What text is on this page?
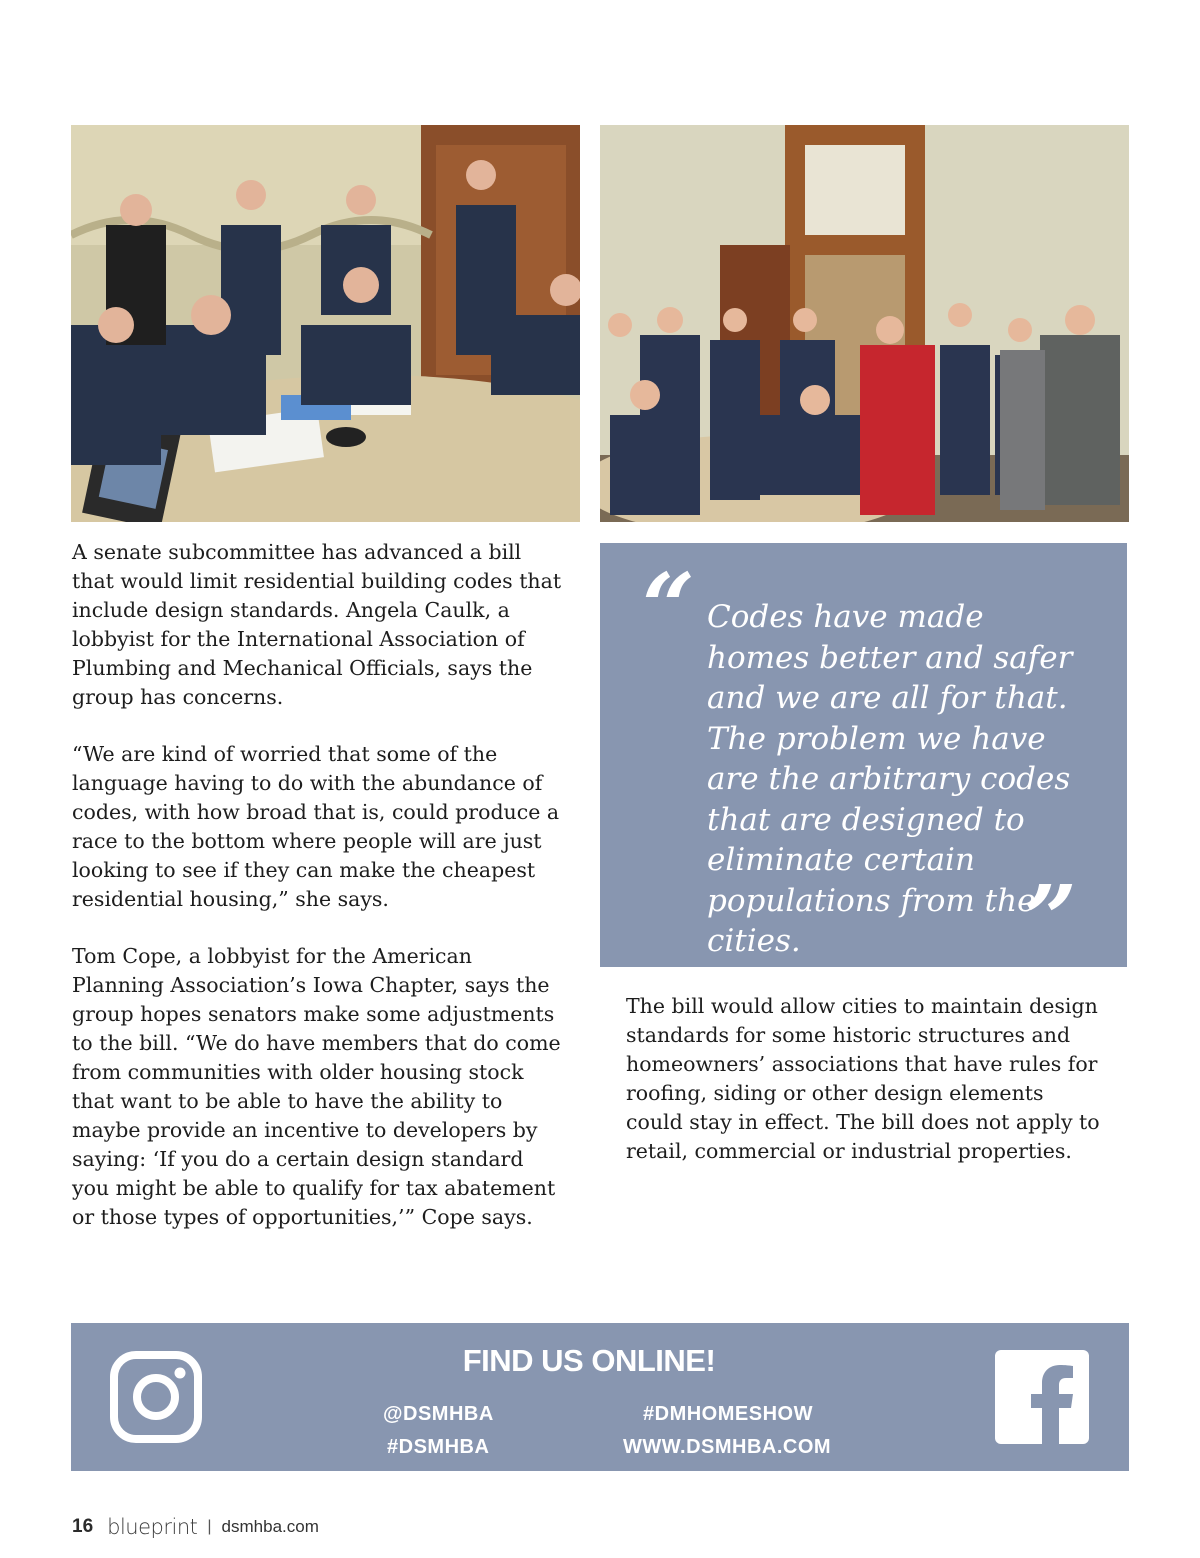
A senate subcommittee has advanced a bill that would limit residential building codes that include design standards. Angela Caulk, a lobbyist for the International Association of Plumbing and Mechanical Officials, says the group has concerns.

“We are kind of worried that some of the language having to do with the abundance of codes, with how broad that is, could produce a race to the bottom where people will are just looking to see if they can make the cheapest residential housing,” she says.

Tom Cope, a lobbyist for the American Planning Association’s Iowa Chapter, says the group hopes senators make some adjustments to the bill. “We do have members that do come from communities with older housing stock that want to be able to have the ability to maybe provide an incentive to developers by saying: ‘If you do a certain design standard you might be able to qualify for tax abatement or those types of opportunities,’” Cope says.

“ Codes have made homes better and safer and we are all for that. The problem we have are the arbitrary codes that are designed to eliminate certain populations from the cities.	”

The bill would allow cities to maintain design standards for some historic structures and homeowners’ associations that have rules for roofing, siding or other design elements could stay in effect. The bill does not apply to retail, commercial or industrial properties.

FIND US ONLINE!
@DSMHBA
#DSMHBA
#DMHOMESHOW
WWW.DSMHBA.COM
16 blueprint | dsmhba.com
